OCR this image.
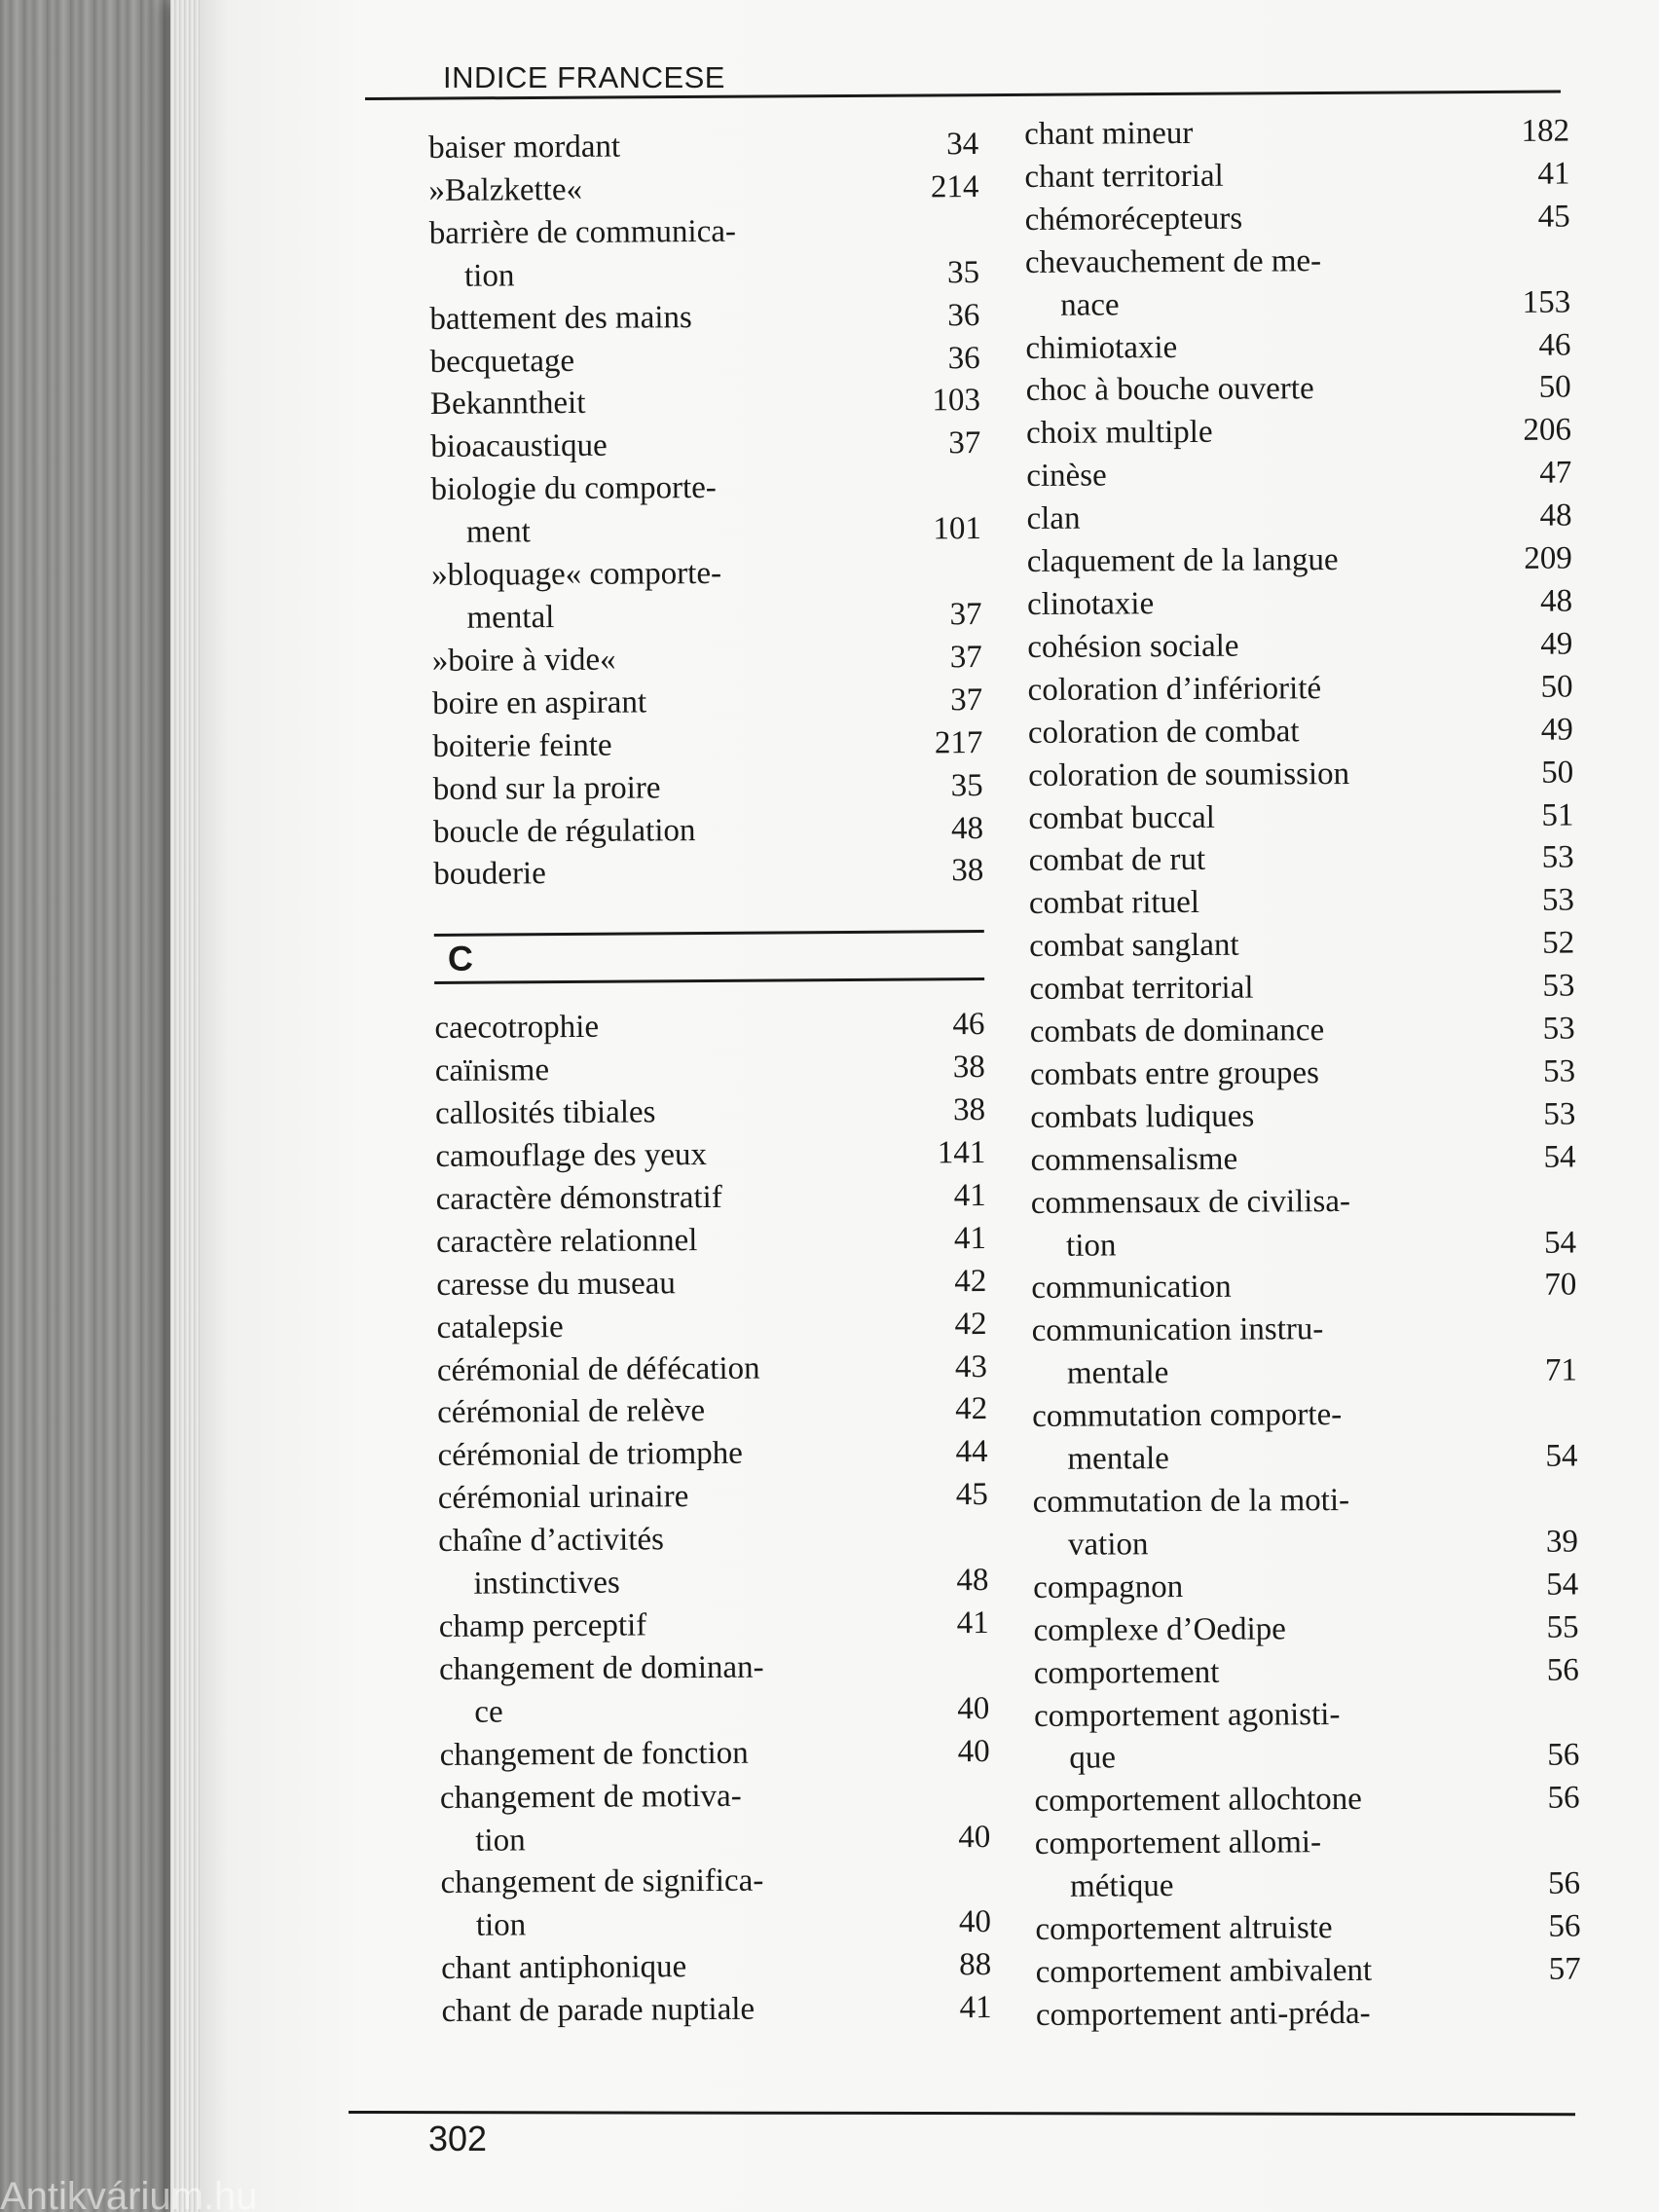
INDICE FRANCESE
baiser mordant	34
»Balzkette«	214
barrière de communica-
tion	35
battement des mains	36
becquetage	36
Bekanntheit	103
bioacaustique	37
biologie du comporte-
ment	101
»bloquage« comporte-
mental	37
»boire à vide«	37
boire en aspirant	37
boiterie feinte	217
bond sur la proire	35
boucle de régulation	48
bouderie	38
C
caecotrophie	46
caïnisme	38
callosités tibiales	38
camouflage des yeux	141
caractère démonstratif	41
caractère relationnel	41
caresse du museau	42
catalepsie	42
cérémonial de défécation	43
cérémonial de relève	42
cérémonial de triomphe	44
cérémonial urinaire	45
chaîne d’activités
instinctives	48
champ perceptif	41
changement de dominan-
ce	40
changement de fonction	40
changement de motiva-
tion	40
changement de significa-
tion	40
chant antiphonique	88
chant de parade nuptiale	41
chant mineur	182
chant territorial	41
chémorécepteurs	45
chevauchement de me-
nace	153
chimiotaxie	46
choc à bouche ouverte	50
choix multiple	206
cinèse	47
clan	48
claquement de la langue	209
clinotaxie	48
cohésion sociale	49
coloration d’infériorité	50
coloration de combat	49
coloration de soumission	50
combat buccal	51
combat de rut	53
combat rituel	53
combat sanglant	52
combat territorial	53
combats de dominance	53
combats entre groupes	53
combats ludiques	53
commensalisme	54
commensaux de civilisa-
tion	54
communication	70
communication instru-
mentale	71
commutation comporte-
mentale	54
commutation de la moti-
vation	39
compagnon	54
complexe d’Oedipe	55
comportement	56
comportement agonisti-
que	56
comportement allochtone	56
comportement allomi-
métique	56
comportement altruiste	56
comportement ambivalent	57
comportement anti-préda-
302
Antikvárium.hu
